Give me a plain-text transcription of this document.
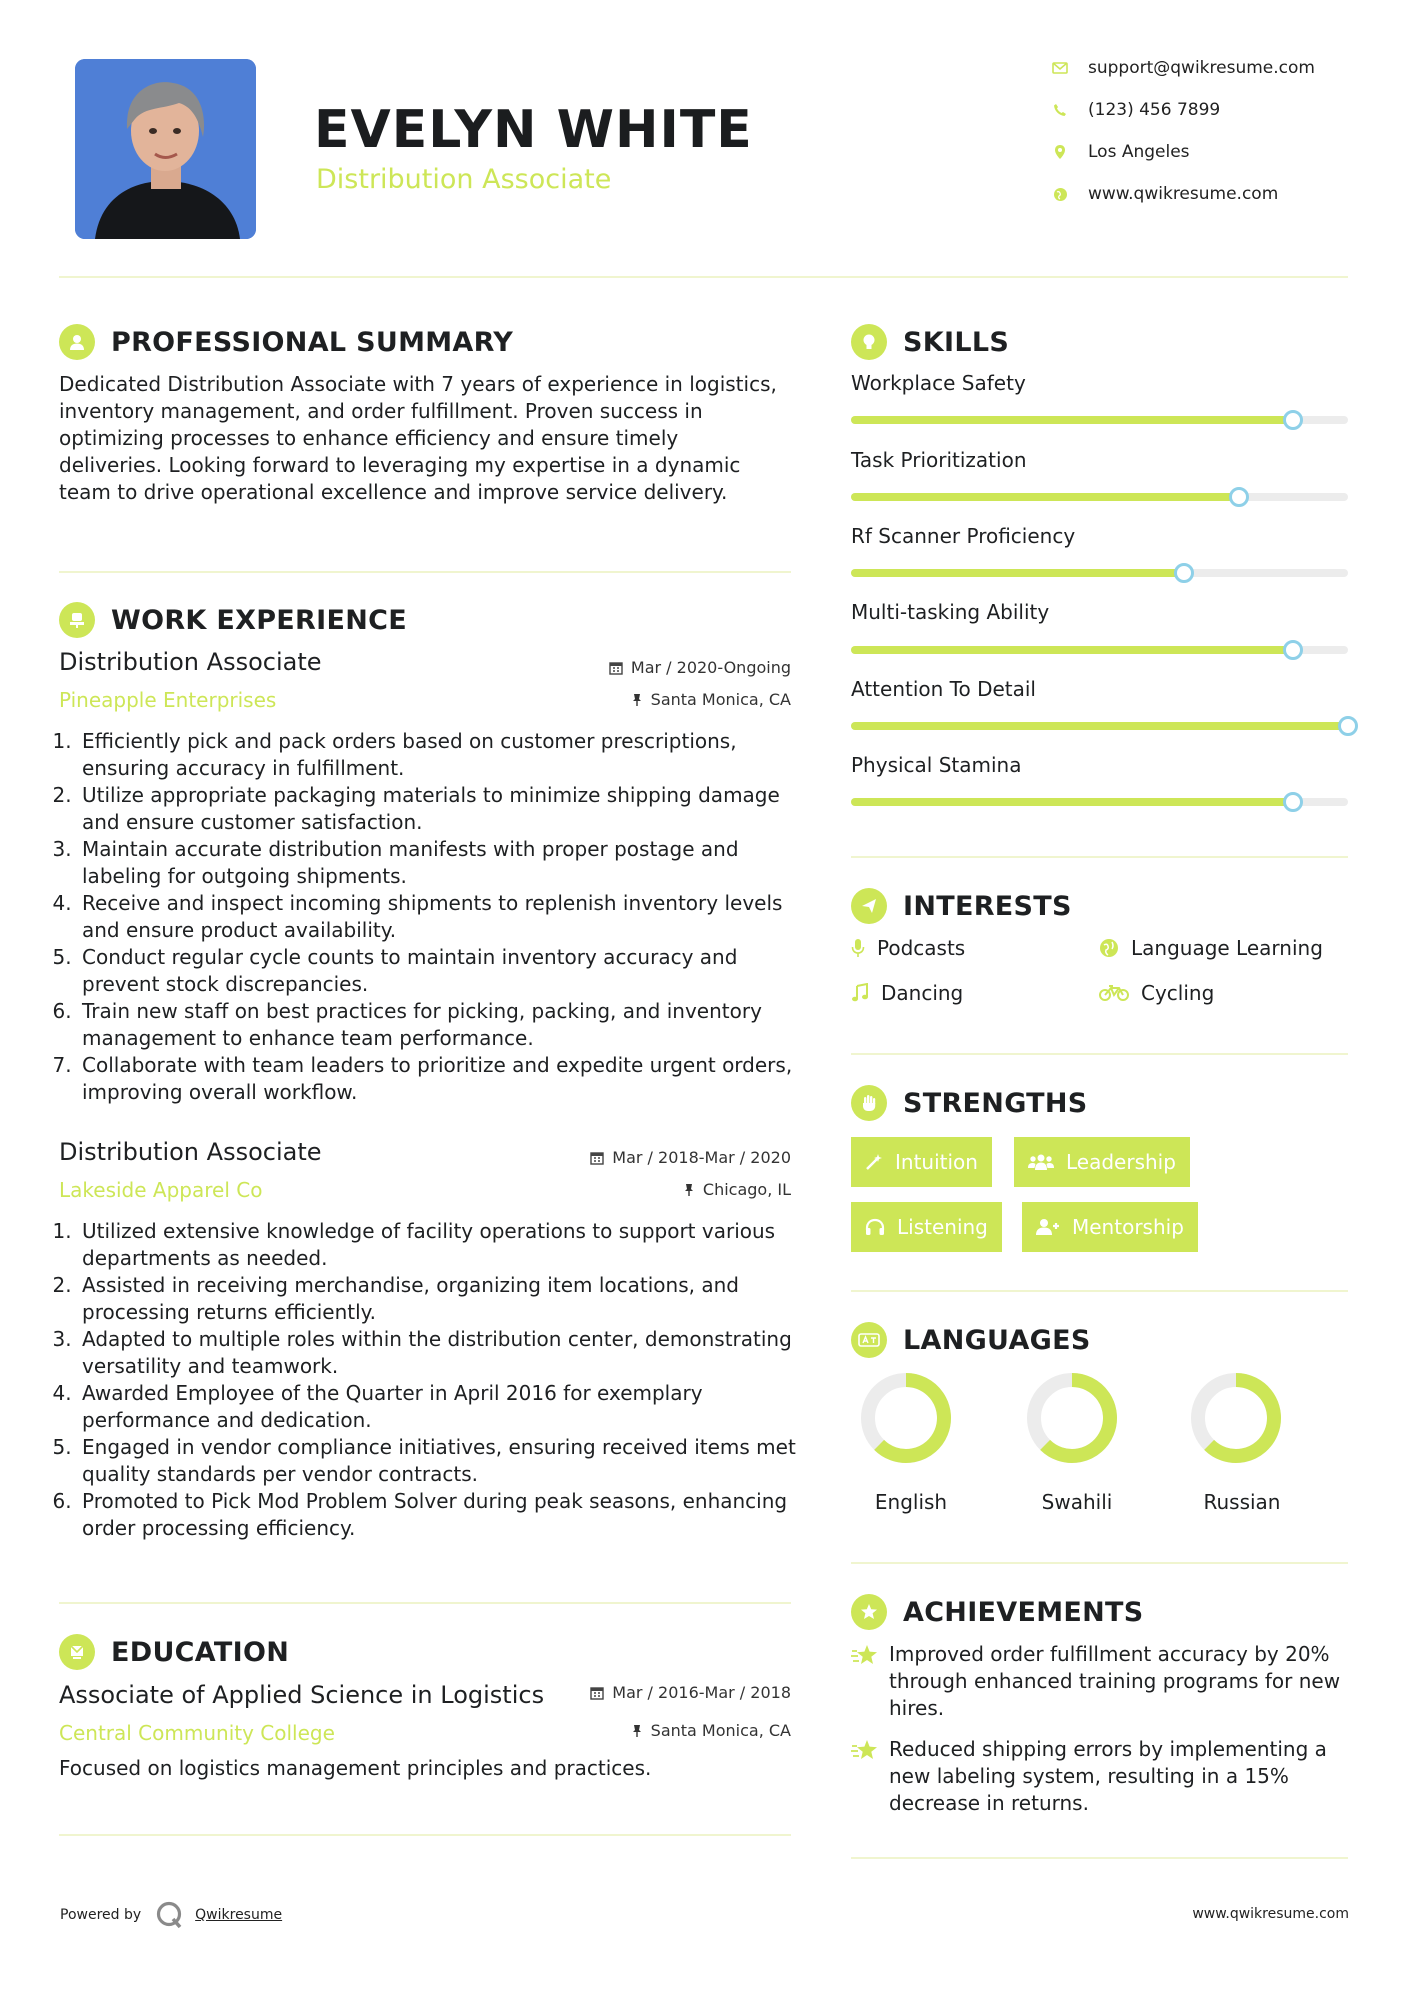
EVELYN WHITE
Distribution Associate
support@qwikresume.com
(123) 456 7899
Los Angeles
www.qwikresume.com
PROFESSIONAL SUMMARY
Dedicated Distribution Associate with 7 years of experience in logistics, inventory management, and order fulfillment. Proven success in optimizing processes to enhance efficiency and ensure timely deliveries. Looking forward to leveraging my expertise in a dynamic team to drive operational excellence and improve service delivery.
WORK EXPERIENCE
Distribution Associate
Pineapple Enterprises
Mar / 2020-Ongoing
Santa Monica, CA
1. Efficiently pick and pack orders based on customer prescriptions, ensuring accuracy in fulfillment.
2. Utilize appropriate packaging materials to minimize shipping damage and ensure customer satisfaction.
3. Maintain accurate distribution manifests with proper postage and labeling for outgoing shipments.
4. Receive and inspect incoming shipments to replenish inventory levels and ensure product availability.
5. Conduct regular cycle counts to maintain inventory accuracy and prevent stock discrepancies.
6. Train new staff on best practices for picking, packing, and inventory management to enhance team performance.
7. Collaborate with team leaders to prioritize and expedite urgent orders, improving overall workflow.
Distribution Associate
Lakeside Apparel Co
Mar / 2018-Mar / 2020
Chicago, IL
1. Utilized extensive knowledge of facility operations to support various departments as needed.
2. Assisted in receiving merchandise, organizing item locations, and processing returns efficiently.
3. Adapted to multiple roles within the distribution center, demonstrating versatility and teamwork.
4. Awarded Employee of the Quarter in April 2016 for exemplary performance and dedication.
5. Engaged in vendor compliance initiatives, ensuring received items met quality standards per vendor contracts.
6. Promoted to Pick Mod Problem Solver during peak seasons, enhancing order processing efficiency.
EDUCATION
Associate of Applied Science in Logistics
Central Community College
Mar / 2016-Mar / 2018
Santa Monica, CA
Focused on logistics management principles and practices.
SKILLS
Workplace Safety
Task Prioritization
Rf Scanner Proficiency
Multi-tasking Ability
Attention To Detail
Physical Stamina
INTERESTS
Podcasts	Language Learning
Dancing	Cycling
STRENGTHS
Intuition	Leadership
Listening	Mentorship
LANGUAGES
English	Swahili	Russian
ACHIEVEMENTS
Improved order fulfillment accuracy by 20% through enhanced training programs for new hires.
Reduced shipping errors by implementing a new labeling system, resulting in a 15% decrease in returns.
Powered by	Qwikresume	www.qwikresume.com
